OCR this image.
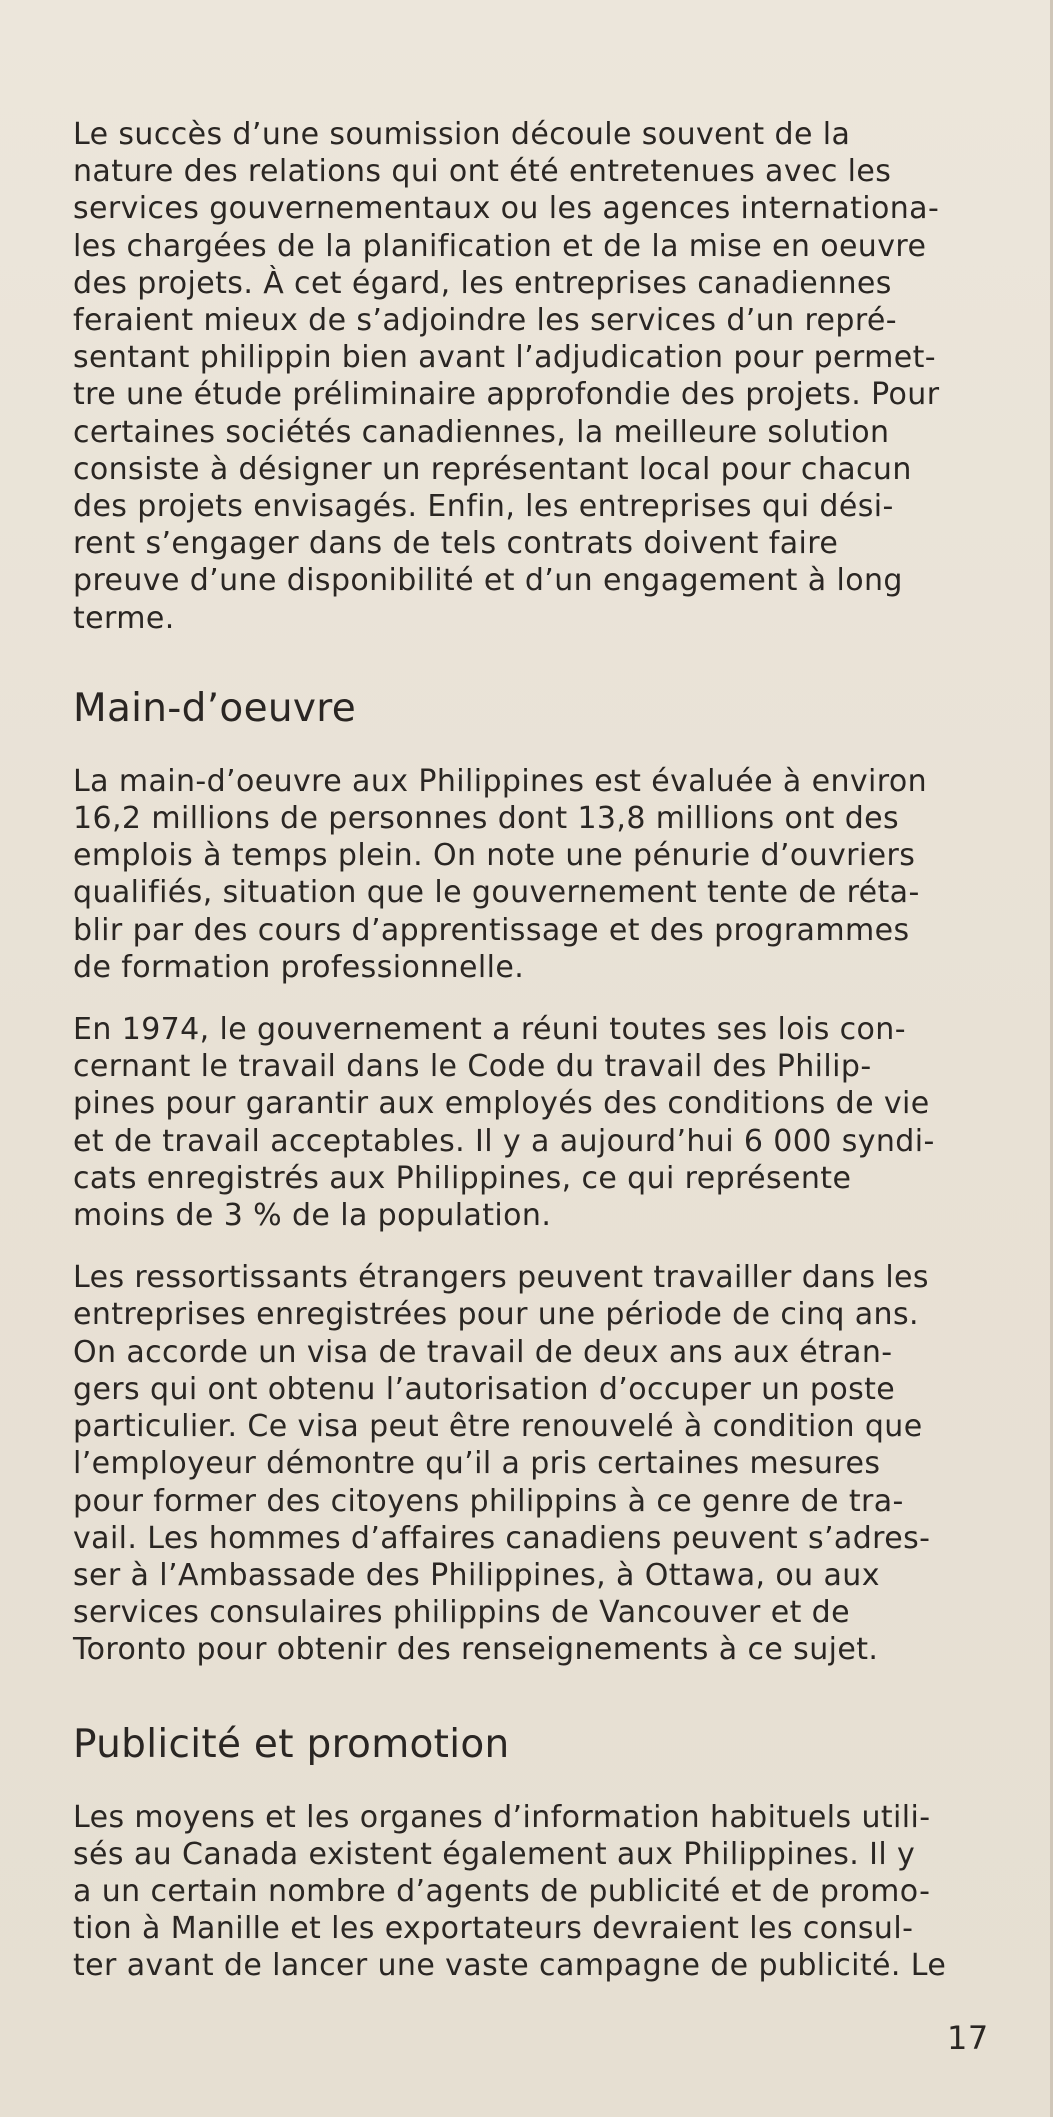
Le succès d’une soumission découle souvent de la
nature des relations qui ont été entretenues avec les
services gouvernementaux ou les agences internationa-
les chargées de la planification et de la mise en oeuvre
des projets. À cet égard, les entreprises canadiennes
feraient mieux de s’adjoindre les services d’un repré-
sentant philippin bien avant l’adjudication pour permet-
tre une étude préliminaire approfondie des projets. Pour
certaines sociétés canadiennes, la meilleure solution
consiste à désigner un représentant local pour chacun
des projets envisagés. Enfin, les entreprises qui dési-
rent s’engager dans de tels contrats doivent faire
preuve d’une disponibilité et d’un engagement à long
terme.

Main-d’oeuvre

La main-d’oeuvre aux Philippines est évaluée à environ
16,2 millions de personnes dont 13,8 millions ont des
emplois à temps plein. On note une pénurie d’ouvriers
qualifiés, situation que le gouvernement tente de réta-
blir par des cours d’apprentissage et des programmes
de formation professionnelle.

En 1974, le gouvernement a réuni toutes ses lois con-
cernant le travail dans le Code du travail des Philip-
pines pour garantir aux employés des conditions de vie
et de travail acceptables. Il y a aujourd’hui 6 000 syndi-
cats enregistrés aux Philippines, ce qui représente
moins de 3 % de la population.

Les ressortissants étrangers peuvent travailler dans les
entreprises enregistrées pour une période de cinq ans.
On accorde un visa de travail de deux ans aux étran-
gers qui ont obtenu l’autorisation d’occuper un poste
particulier. Ce visa peut être renouvelé à condition que
l’employeur démontre qu’il a pris certaines mesures
pour former des citoyens philippins à ce genre de tra-
vail. Les hommes d’affaires canadiens peuvent s’adres-
ser à l’Ambassade des Philippines, à Ottawa, ou aux
services consulaires philippins de Vancouver et de
Toronto pour obtenir des renseignements à ce sujet.

Publicité et promotion

Les moyens et les organes d’information habituels utili-
sés au Canada existent également aux Philippines. Il y
a un certain nombre d’agents de publicité et de promo-
tion à Manille et les exportateurs devraient les consul-
ter avant de lancer une vaste campagne de publicité. Le

17
